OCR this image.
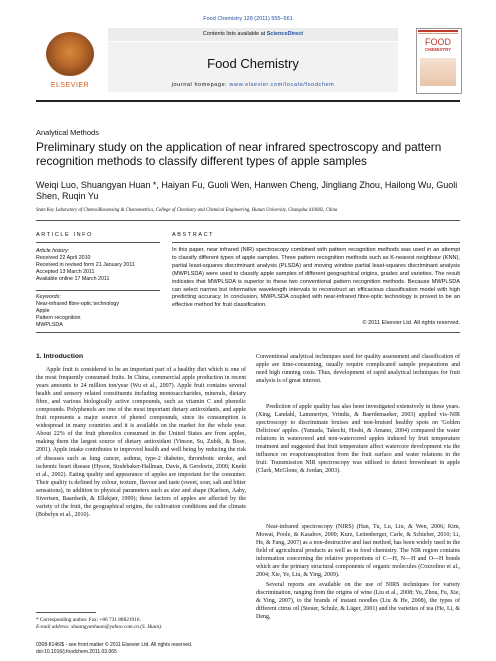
Food Chemistry 128 (2011) 555–561
ELSEVIER
Contents lists available at ScienceDirect
Food Chemistry
journal homepage: www.elsevier.com/locate/foodchem
FOOD
CHEMISTRY
Analytical Methods
Preliminary study on the application of near infrared spectroscopy and pattern recognition methods to classify different types of apple samples
Weiqi Luo, Shuangyan Huan *, Haiyan Fu, Guoli Wen, Hanwen Cheng, Jingliang Zhou, Hailong Wu, Guoli Shen, Ruqin Yu
State Key Laboratory of Chemo/Biosensing & Chemometrics, College of Chemistry and Chemical Engineering, Hunan University, Changsha 410082, China
ARTICLE INFO	ABSTRACT
Article history:
Received 22 April 2010
Received in revised form 21 January 2011
Accepted 13 March 2011
Available online 17 March 2011
Keywords:
Near-infrared fibre-optic technology
Apple
Pattern recognition
MWPLSDA
In this paper, near infrared (NIR) spectroscopy combined with pattern recognition methods was used in an attempt to classify different types of apple samples. Three pattern recognition methods such as K-nearest neighbour (KNN), partial least-squares discriminant analysis (PLSDA) and moving window partial least-squares discriminant analysis (MWPLSDA) were used to classify apple samples of different geographical origins, grades and varieties. The result indicates that MWPLSDA is superior to these two conventional pattern recognition methods. Because MWPLSDA can select narrow but informative wavelength intervals to reconstruct an efficacious classification model with high predicting accuracy. In conclusion, MWPLSDA coupled with near-infrared fibre-optic technology is proved to be an effective method for fruit classification.
© 2011 Elsevier Ltd. All rights reserved.
1. Introduction
Apple fruit is considered to be an important part of a healthy diet which is one of the most frequently consumed fruits. In China, commercial apple production in recent years amounts to 24 million ton/year (Wu et al., 2007). Apple fruit contains several health and sensory related constituents including monosaccharides, minerals, dietary fibre, and various biologically active compounds, such as vitamin C and phenolic compounds. Polyphenols are one of the most important dietary antioxidants, and apple fruit represents a major source of phenol compounds, since its consumption is widespread in many countries and it is available on the market for the whole year. About 22% of the fruit phenolics consumed in the United States are from apples, making them the largest source of dietary antioxidant (Vinson, Su, Zubik, & Bose, 2001). Apple intake contributes to improved health and well being by reducing the risk of diseases such as lung cancer, asthma, type-2 diabetes, thrombotic stroke, and ischemic heart disease (Hyson, Studebaker-Hallman, Davis, & Gershwin, 2000; Knekt et al., 2002). Eating quality and appearance of apples are important for the consumer. Their quality is defined by colour, texture, flavour and taste (sweet, sour, salt and bitter sensations), in addition to physical parameters such as size and shape (Karlsen, Aaby, Sivertsen, Baardseth, & Ellekjær, 1999); these factors of apples are affected by the variety of the fruit, the geographical origins, the cultivation conditions and the climate (Bobelyn et al., 2010).
Conventional analytical techniques used for quality assessment and classification of apple are time-consuming, usually require complicated sample preparations and need high running costs. Thus, development of rapid analytical techniques for fruit analysis is of great interest.
Prediction of apple quality has also been investigated extensively in these years. (Xing, Landahl, Lammertyn, Vrindts, & Baerdemaeker, 2003) applied vis–NIR spectroscopy to discriminate bruises and non-bruised healthy spots on 'Golden Delicious' apples. (Yamada, Takechi, Hoshi, & Amano, 2004) compared the water relations in watercored and non-watercored apples induced by fruit temperature treatment and suggested that fruit temperature affect watercore development via the influence on evapotranspiration from the fruit surface and water relations in the fruit. Transmission NIR spectroscopy was utilised to detect brownheart in apple (Clark, McGlone, & Jordan, 2003).
Near-infrared spectroscopy (NIRS) (Han, Tu, Lu, Liu, & Wen, 2006; Kim, Mowat, Poole, & Kasabov, 2000; Kurz, Leitenberger, Carle, & Schieber, 2010; Li, He, & Fang, 2007) as a non-destructive and fast method, has been widely used in the field of agricultural products as well as in food chemistry. The NIR region contains information concerning the relative proportions of C—H, N—H and O—H bonds which are the primary structural components of organic molecules (Cozzolino et al., 2004; Xie, Ye, Liu, & Ying, 2009).
Several reports are available on the use of NIRS techniques for variety discrimination, ranging from the origins of wine (Liu et al., 2008; Yu, Zhou, Fu, Xie, & Ying, 2007), to the brands of instant noodles (Liu & He, 2008), the types of different citrus oil (Steuer, Schulz, & Läger, 2001) and the varieties of tea (He, Li, & Deng,
* Corresponding author. Fax: +86 731 88821916.
E-mail address: shuangyanhuan@yahoo.com.cn (S. Huan).
0308-8146/$ - see front matter © 2011 Elsevier Ltd. All rights reserved.
doi:10.1016/j.foodchem.2011.03.065
